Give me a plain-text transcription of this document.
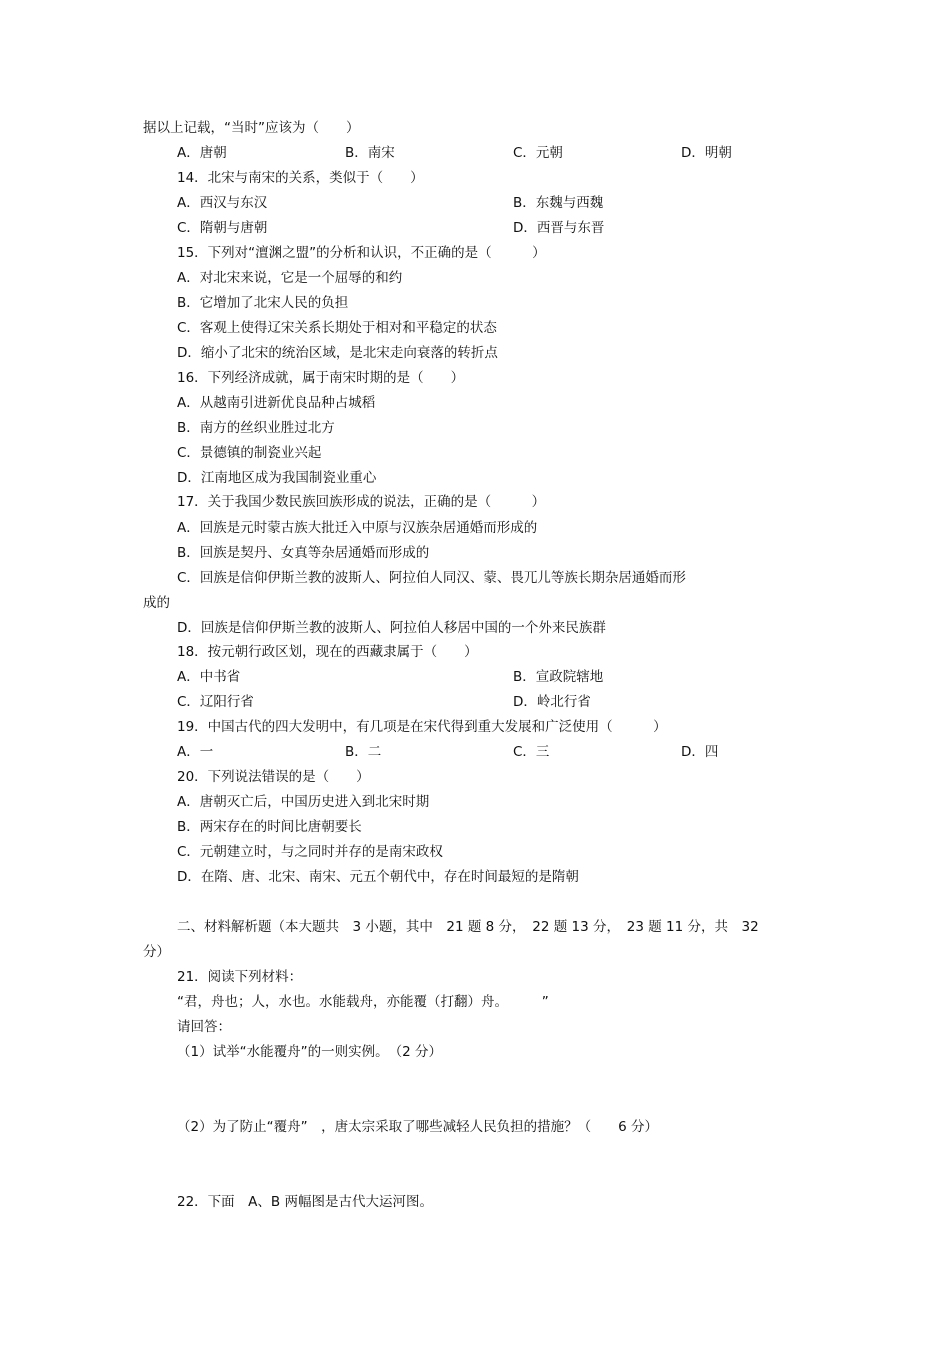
据以上记载，“当时”应该为（　　）
A．唐朝	B．南宋	C．元朝	D．明朝
14．北宋与南宋的关系，类似于（　　）
A．西汉与东汉	B．东魏与西魏
C．隋朝与唐朝	D．西晋与东晋
15．下列对“澶渊之盟”的分析和认识，不正确的是（　　　）
A．对北宋来说，它是一个屈辱的和约
B．它增加了北宋人民的负担
C．客观上使得辽宋关系长期处于相对和平稳定的状态
D．缩小了北宋的统治区域，是北宋走向衰落的转折点
16．下列经济成就，属于南宋时期的是（　　）
A．从越南引进新优良品种占城稻
B．南方的丝织业胜过北方
C．景德镇的制瓷业兴起
D．江南地区成为我国制瓷业重心
17．关于我国少数民族回族形成的说法，正确的是（　　　）
A．回族是元时蒙古族大批迁入中原与汉族杂居通婚而形成的
B．回族是契丹、女真等杂居通婚而形成的
C．回族是信仰伊斯兰教的波斯人、阿拉伯人同汉、蒙、畏兀儿等族长期杂居通婚而形
成的
D．回族是信仰伊斯兰教的波斯人、阿拉伯人移居中国的一个外来民族群
18．按元朝行政区划，现在的西藏隶属于（　　）
A．中书省	B．宣政院辖地
C．辽阳行省	D．岭北行省
19．中国古代的四大发明中，有几项是在宋代得到重大发展和广泛使用（　　　）
A．一	B．二	C．三	D．四
20．下列说法错误的是（　　）
A．唐朝灭亡后，中国历史进入到北宋时期
B．两宋存在的时间比唐朝要长
C．元朝建立时，与之同时并存的是南宋政权
D．在隋、唐、北宋、南宋、元五个朝代中，存在时间最短的是隋朝
二、材料解析题（本大题共　3 小题，其中　21 题 8 分，　22 题 13 分，　23 题 11 分，共　32
分）
21．阅读下列材料：
“君，舟也；人，水也。水能载舟，亦能覆（打翻）舟。　　　”
请回答：
（1）试举“水能覆舟”的一则实例。　（2 分）
（2）为了防止“覆舟”　，唐太宗采取了哪些减轻人民负担的措施？（　　6 分）
22．下面　A、B 两幅图是古代大运河图。
